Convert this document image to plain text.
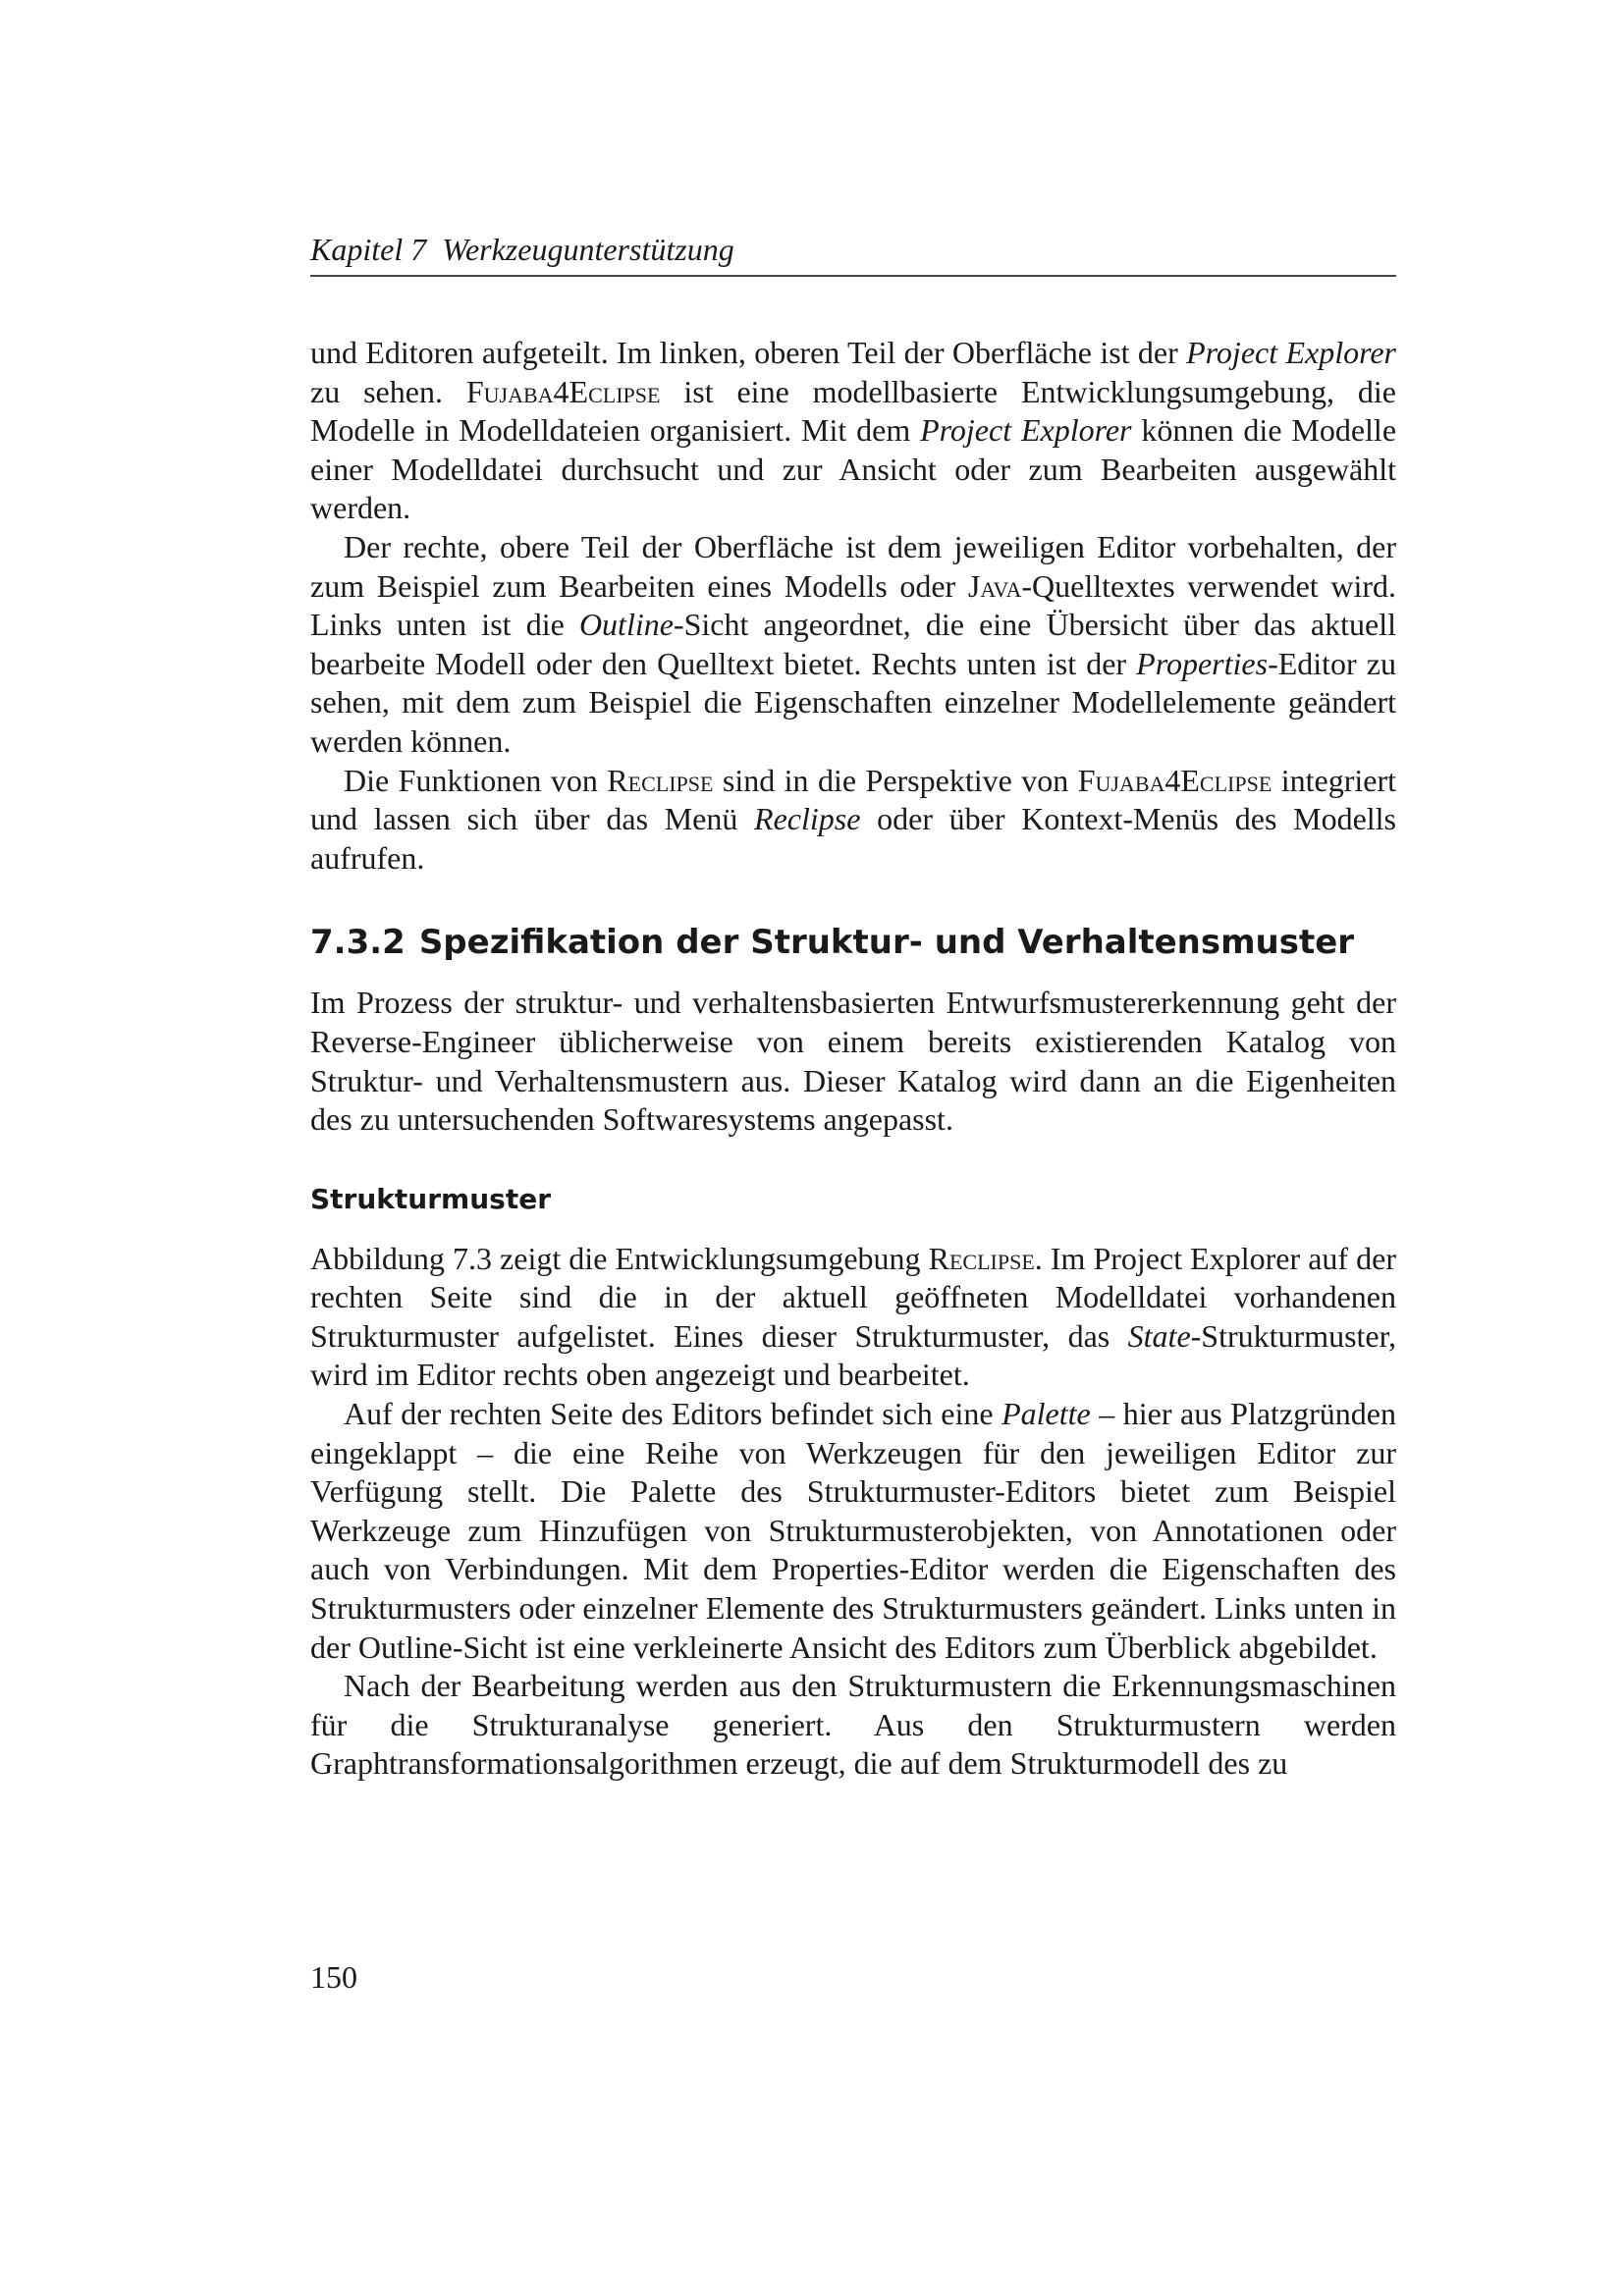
Kapitel 7 Werkzeugunterstützung

und Editoren aufgeteilt. Im linken, oberen Teil der Oberfläche ist der Project Explorer zu sehen. Fujaba4Eclipse ist eine modellbasierte Entwicklungsumgebung, die Modelle in Modelldateien organisiert. Mit dem Project Explorer können die Modelle einer Modelldatei durchsucht und zur Ansicht oder zum Bearbeiten ausgewählt werden.

Der rechte, obere Teil der Oberfläche ist dem jeweiligen Editor vorbehalten, der zum Beispiel zum Bearbeiten eines Modells oder Java-Quelltextes verwendet wird. Links unten ist die Outline-Sicht angeordnet, die eine Übersicht über das aktuell bearbeite Modell oder den Quelltext bietet. Rechts unten ist der Properties-Editor zu sehen, mit dem zum Beispiel die Eigenschaften einzelner Modellelemente geändert werden können.

Die Funktionen von Reclipse sind in die Perspektive von Fujaba4Eclipse integriert und lassen sich über das Menü Reclipse oder über Kontext-Menüs des Modells aufrufen.

7.3.2 Spezifikation der Struktur- und Verhaltensmuster

Im Prozess der struktur- und verhaltensbasierten Entwurfsmustererkennung geht der Reverse-Engineer üblicherweise von einem bereits existierenden Katalog von Struktur- und Verhaltensmustern aus. Dieser Katalog wird dann an die Eigenheiten des zu untersuchenden Softwaresystems angepasst.

Strukturmuster

Abbildung 7.3 zeigt die Entwicklungsumgebung Reclipse. Im Project Explorer auf der rechten Seite sind die in der aktuell geöffneten Modelldatei vorhandenen Strukturmuster aufgelistet. Eines dieser Strukturmuster, das State-Strukturmuster, wird im Editor rechts oben angezeigt und bearbeitet.

Auf der rechten Seite des Editors befindet sich eine Palette – hier aus Platzgründen eingeklappt – die eine Reihe von Werkzeugen für den jeweiligen Editor zur Verfügung stellt. Die Palette des Strukturmuster-Editors bietet zum Beispiel Werkzeuge zum Hinzufügen von Strukturmusterobjekten, von Annotationen oder auch von Verbindungen. Mit dem Properties-Editor werden die Eigenschaften des Strukturmusters oder einzelner Elemente des Strukturmusters geändert. Links unten in der Outline-Sicht ist eine verkleinerte Ansicht des Editors zum Überblick abgebildet.

Nach der Bearbeitung werden aus den Strukturmustern die Erkennungsmaschinen für die Strukturanalyse generiert. Aus den Strukturmustern werden Graphtransformationsalgorithmen erzeugt, die auf dem Strukturmodell des zu

150
